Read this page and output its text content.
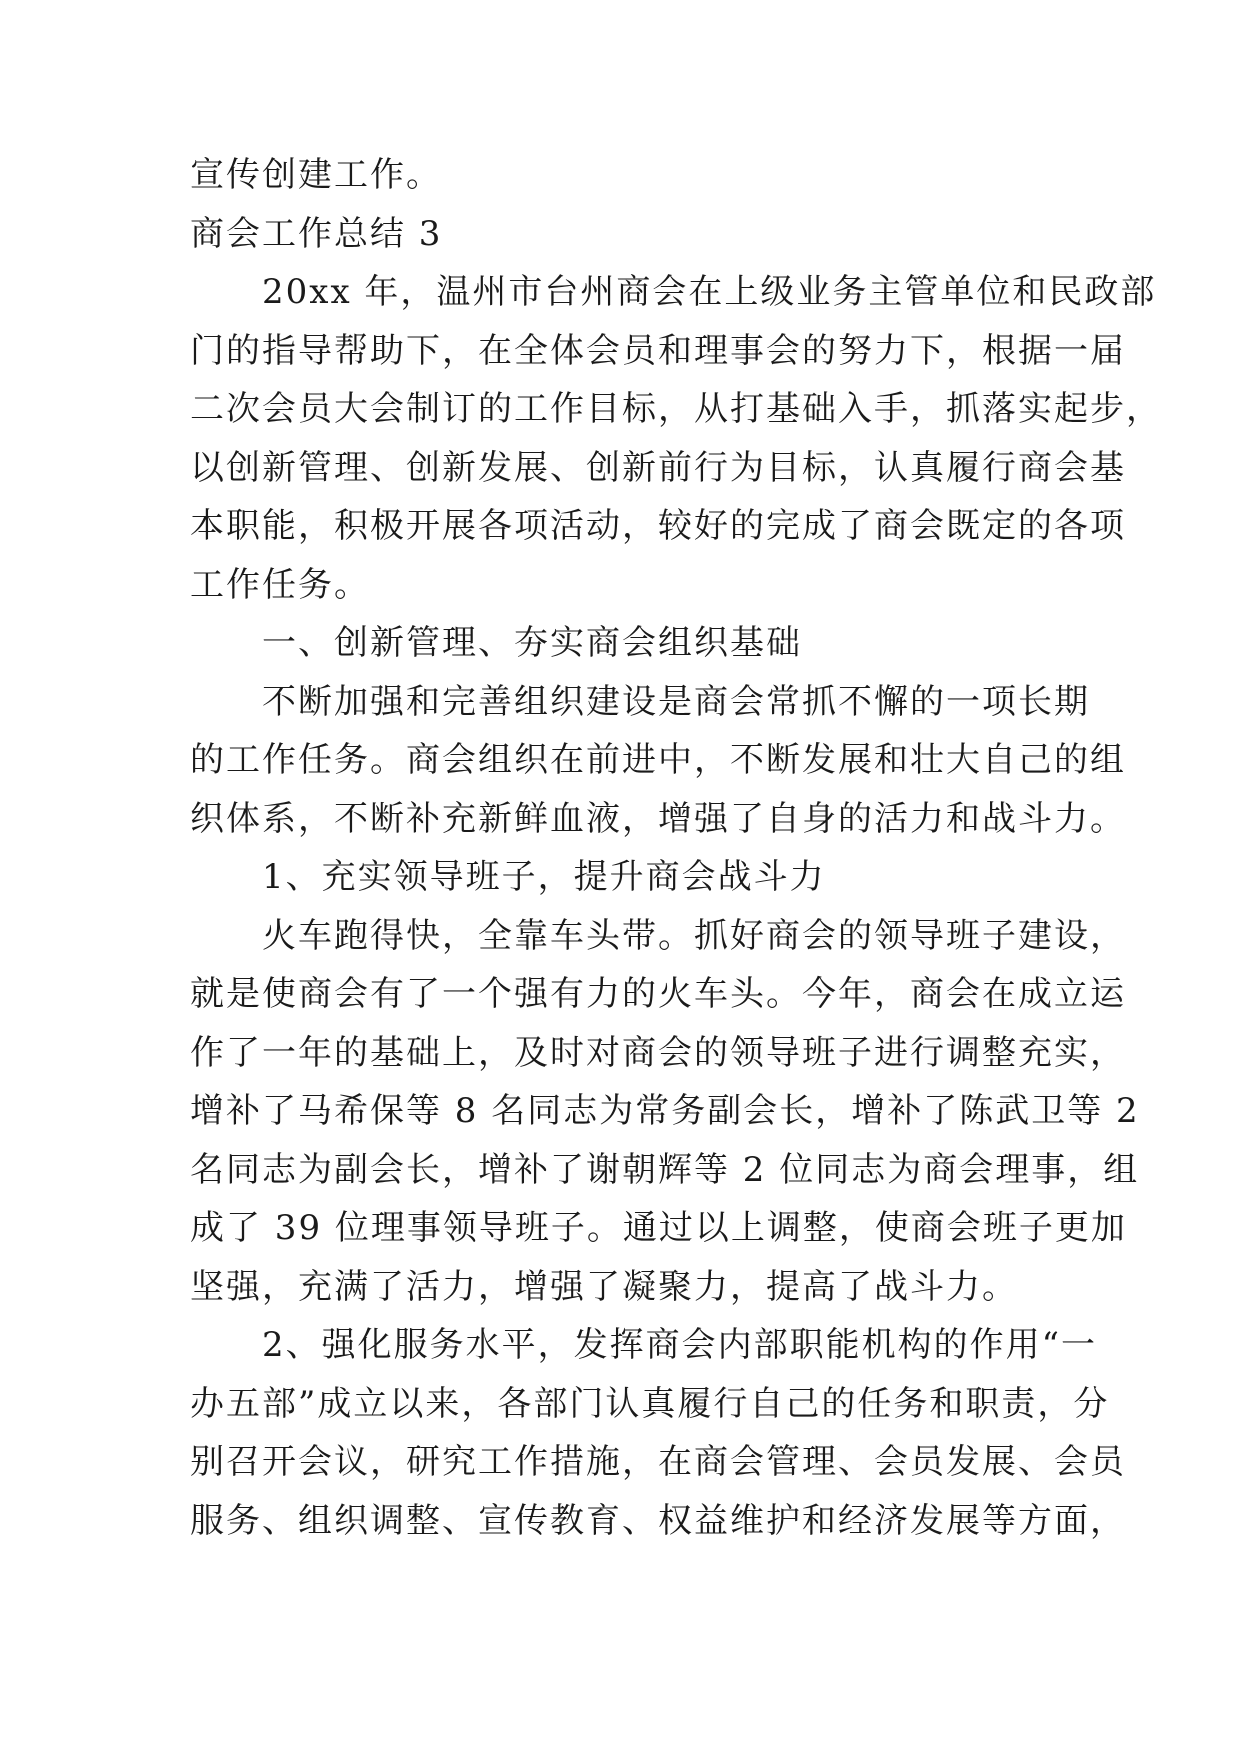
宣传创建工作。
商会工作总结 3
　　20xx 年，温州市台州商会在上级业务主管单位和民政部
门的指导帮助下，在全体会员和理事会的努力下，根据一届
二次会员大会制订的工作目标，从打基础入手，抓落实起步，
以创新管理、创新发展、创新前行为目标，认真履行商会基
本职能，积极开展各项活动，较好的完成了商会既定的各项
工作任务。
　　一、创新管理、夯实商会组织基础
　　不断加强和完善组织建设是商会常抓不懈的一项长期
的工作任务。商会组织在前进中，不断发展和壮大自己的组
织体系，不断补充新鲜血液，增强了自身的活力和战斗力。
　　1、充实领导班子，提升商会战斗力
　　火车跑得快，全靠车头带。抓好商会的领导班子建设，
就是使商会有了一个强有力的火车头。今年，商会在成立运
作了一年的基础上，及时对商会的领导班子进行调整充实，
增补了马希保等 8 名同志为常务副会长，增补了陈武卫等 2
名同志为副会长，增补了谢朝辉等 2 位同志为商会理事，组
成了 39 位理事领导班子。通过以上调整，使商会班子更加
坚强，充满了活力，增强了凝聚力，提高了战斗力。
　　2、强化服务水平，发挥商会内部职能机构的作用“一
办五部”成立以来，各部门认真履行自己的任务和职责，分
别召开会议，研究工作措施，在商会管理、会员发展、会员
服务、组织调整、宣传教育、权益维护和经济发展等方面，
